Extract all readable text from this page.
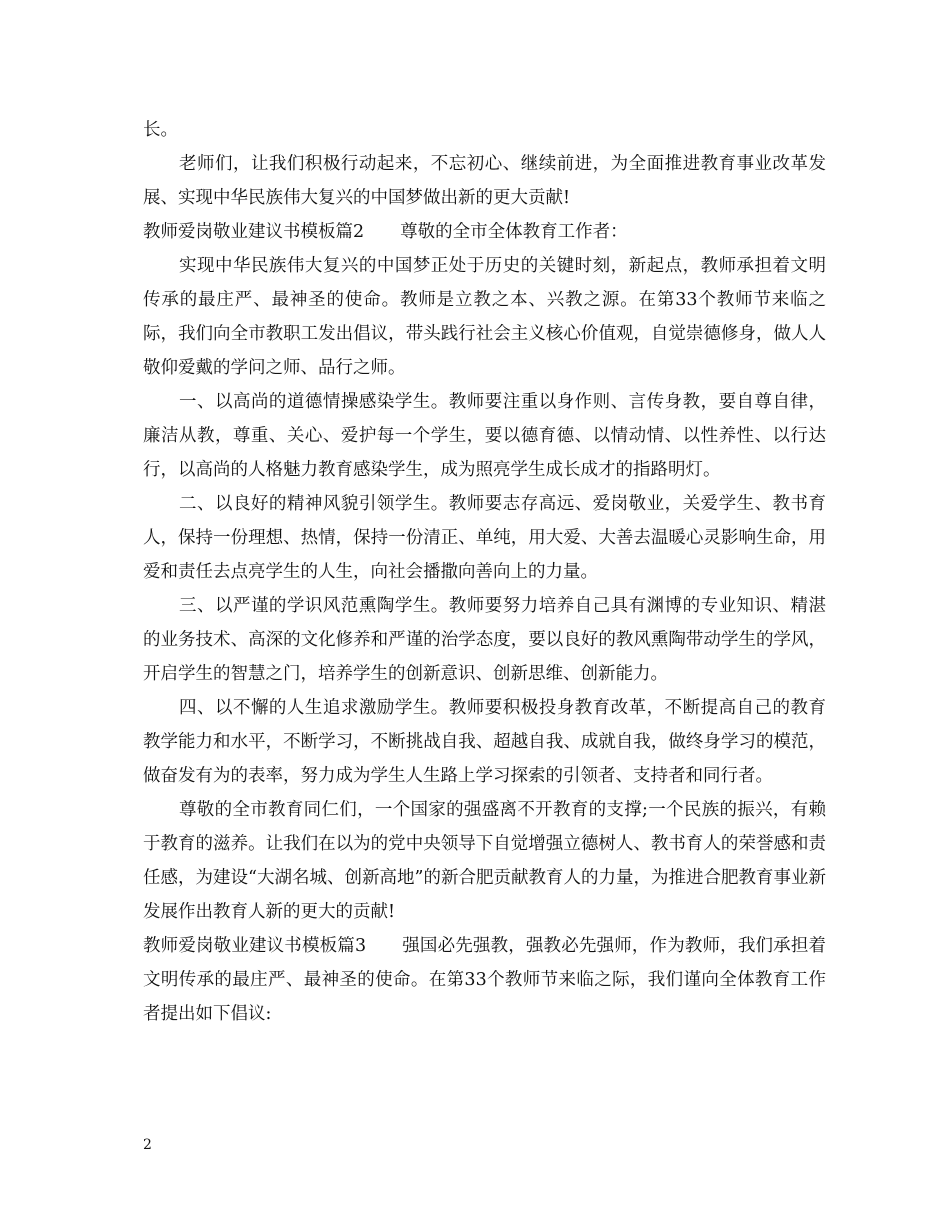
长。

老师们，让我们积极行动起来，不忘初心、继续前进，为全面推进教育事业改革发展、实现中华民族伟大复兴的中国梦做出新的更大贡献!

教师爱岗敬业建议书模板篇2 尊敬的全市全体教育工作者：

实现中华民族伟大复兴的中国梦正处于历史的关键时刻，新起点，教师承担着文明传承的最庄严、最神圣的使命。教师是立教之本、兴教之源。在第33个教师节来临之际，我们向全市教职工发出倡议，带头践行社会主义核心价值观，自觉崇德修身，做人人敬仰爱戴的学问之师、品行之师。

一、以高尚的道德情操感染学生。教师要注重以身作则、言传身教，要自尊自律，廉洁从教，尊重、关心、爱护每一个学生，要以德育德、以情动情、以性养性、以行达行，以高尚的人格魅力教育感染学生，成为照亮学生成长成才的指路明灯。

二、以良好的精神风貌引领学生。教师要志存高远、爱岗敬业，关爱学生、教书育人，保持一份理想、热情，保持一份清正、单纯，用大爱、大善去温暖心灵影响生命，用爱和责任去点亮学生的人生，向社会播撒向善向上的力量。

三、以严谨的学识风范熏陶学生。教师要努力培养自己具有渊博的专业知识、精湛的业务技术、高深的文化修养和严谨的治学态度，要以良好的教风熏陶带动学生的学风，开启学生的智慧之门，培养学生的创新意识、创新思维、创新能力。

四、以不懈的人生追求激励学生。教师要积极投身教育改革，不断提高自己的教育教学能力和水平，不断学习，不断挑战自我、超越自我、成就自我，做终身学习的模范，做奋发有为的表率，努力成为学生人生路上学习探索的引领者、支持者和同行者。

尊敬的全市教育同仁们，一个国家的强盛离不开教育的支撑;一个民族的振兴，有赖于教育的滋养。让我们在以为的党中央领导下自觉增强立德树人、教书育人的荣誉感和责任感，为建设“大湖名城、创新高地”的新合肥贡献教育人的力量，为推进合肥教育事业新发展作出教育人新的更大的贡献!

教师爱岗敬业建议书模板篇3 强国必先强教，强教必先强师，作为教师，我们承担着文明传承的最庄严、最神圣的使命。在第33个教师节来临之际，我们谨向全体教育工作者提出如下倡议:

2
